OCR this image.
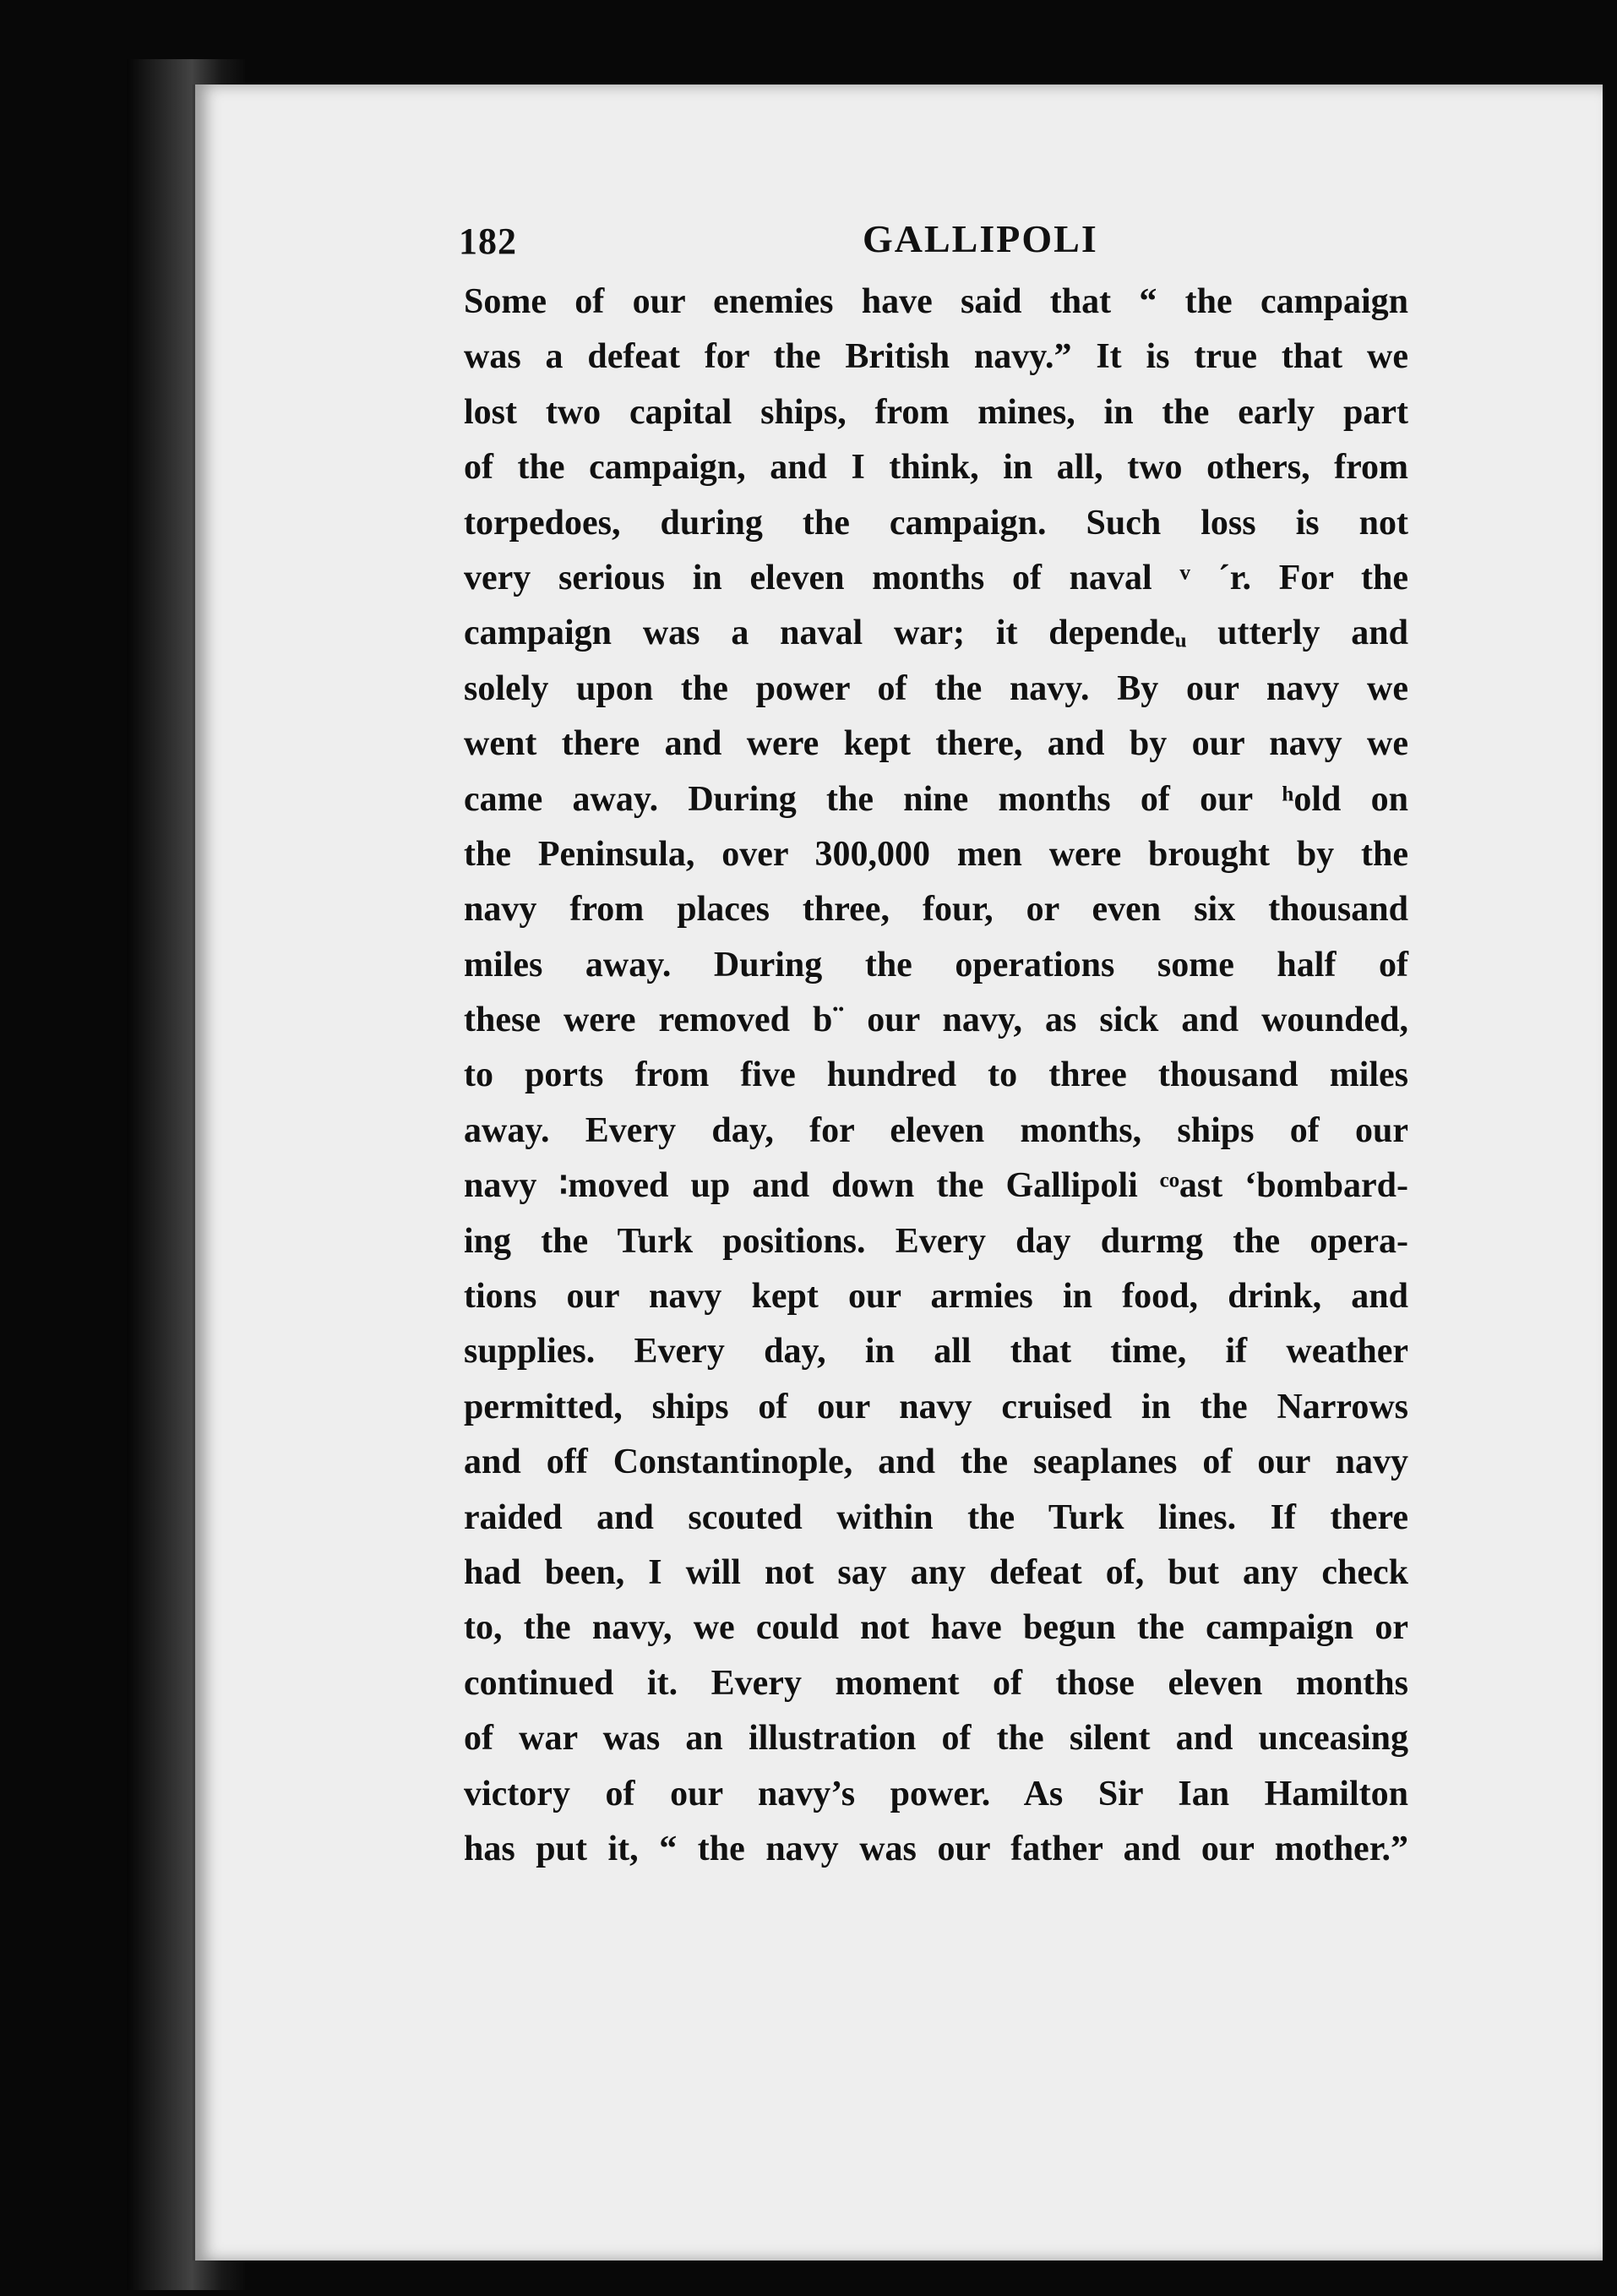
182	GALLIPOLI
Some of our enemies have said that “ the campaign
was a defeat for the British navy.” It is true that we
lost two capital ships, from mines, in the early part
of the campaign, and I think, in all, two others, from
torpedoes, during the campaign. Such loss is not
very serious in eleven months of naval ᵛ ´r. For the
campaign was a naval war; it dependeᵤ utterly and
solely upon the power of the navy. By our navy we
went there and were kept there, and by our navy we
came away. During the nine months of our ʰold on
the Peninsula, over 300,000 men were brought by the
navy from places three, four, or even six thousand
miles away. During the operations some half of
these were removed b¨ our navy, as sick and wounded,
to ports from five hundred to three thousand miles
away. Every day, for eleven months, ships of our
navy ∶moved up and down the Gallipoli ᶜᵒast ʻbombard-
ing the Turk positions. Every day durmg the opera-
tions our navy kept our armies in food, drink, and
supplies. Every day, in all that time, if weather
permitted, ships of our navy cruised in the Narrows
and off Constantinople, and the seaplanes of our navy
raided and scouted within the Turk lines. If there
had been, I will not say any defeat of, but any check
to, the navy, we could not have begun the campaign or
continued it. Every moment of those eleven months
of war was an illustration of the silent and unceasing
victory of our navy’s power. As Sir Ian Hamilton
has put it, “ the navy was our father and our mother.”
